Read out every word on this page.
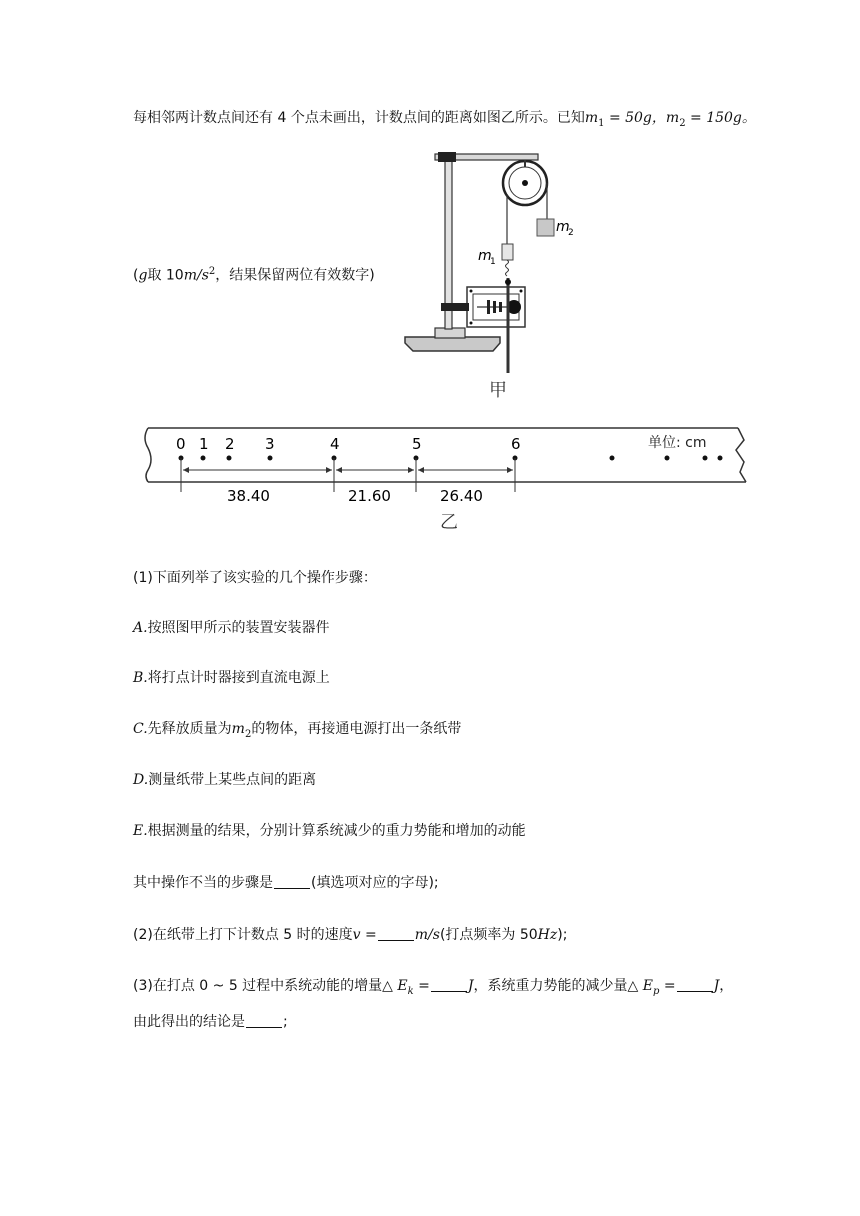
每相邻两计数点间还有 4 个点未画出，计数点间的距离如图乙所示。已知$m_1 = 50g$，$m_2 = 150g$。
(g取 $10m/s^2$，结果保留两位有效数字)
m
2
m
1
甲
单位: cm
0 1 2 3	4	5	6
38.40	21.60	26.40
乙
(1)下面列举了该实验的几个操作步骤：
A.按照图甲所示的装置安装器件
B.将打点计时器接到直流电源上
C.先释放质量为$m_2$的物体，再接通电源打出一条纸带
D.测量纸带上某些点间的距离
E.根据测量的结果，分别计算系统减少的重力势能和增加的动能
其中操作不当的步骤是	(填选项对应的字母);
(2)在纸带上打下计数点 5 时的速度v =	m/s(打点频率为 50Hz);
(3)在打点 0 ~ 5 过程中系统动能的增量△ $E_k$ =	J，系统重力势能的减少量△ $E_p$ =	J，
由此得出的结论是	;
